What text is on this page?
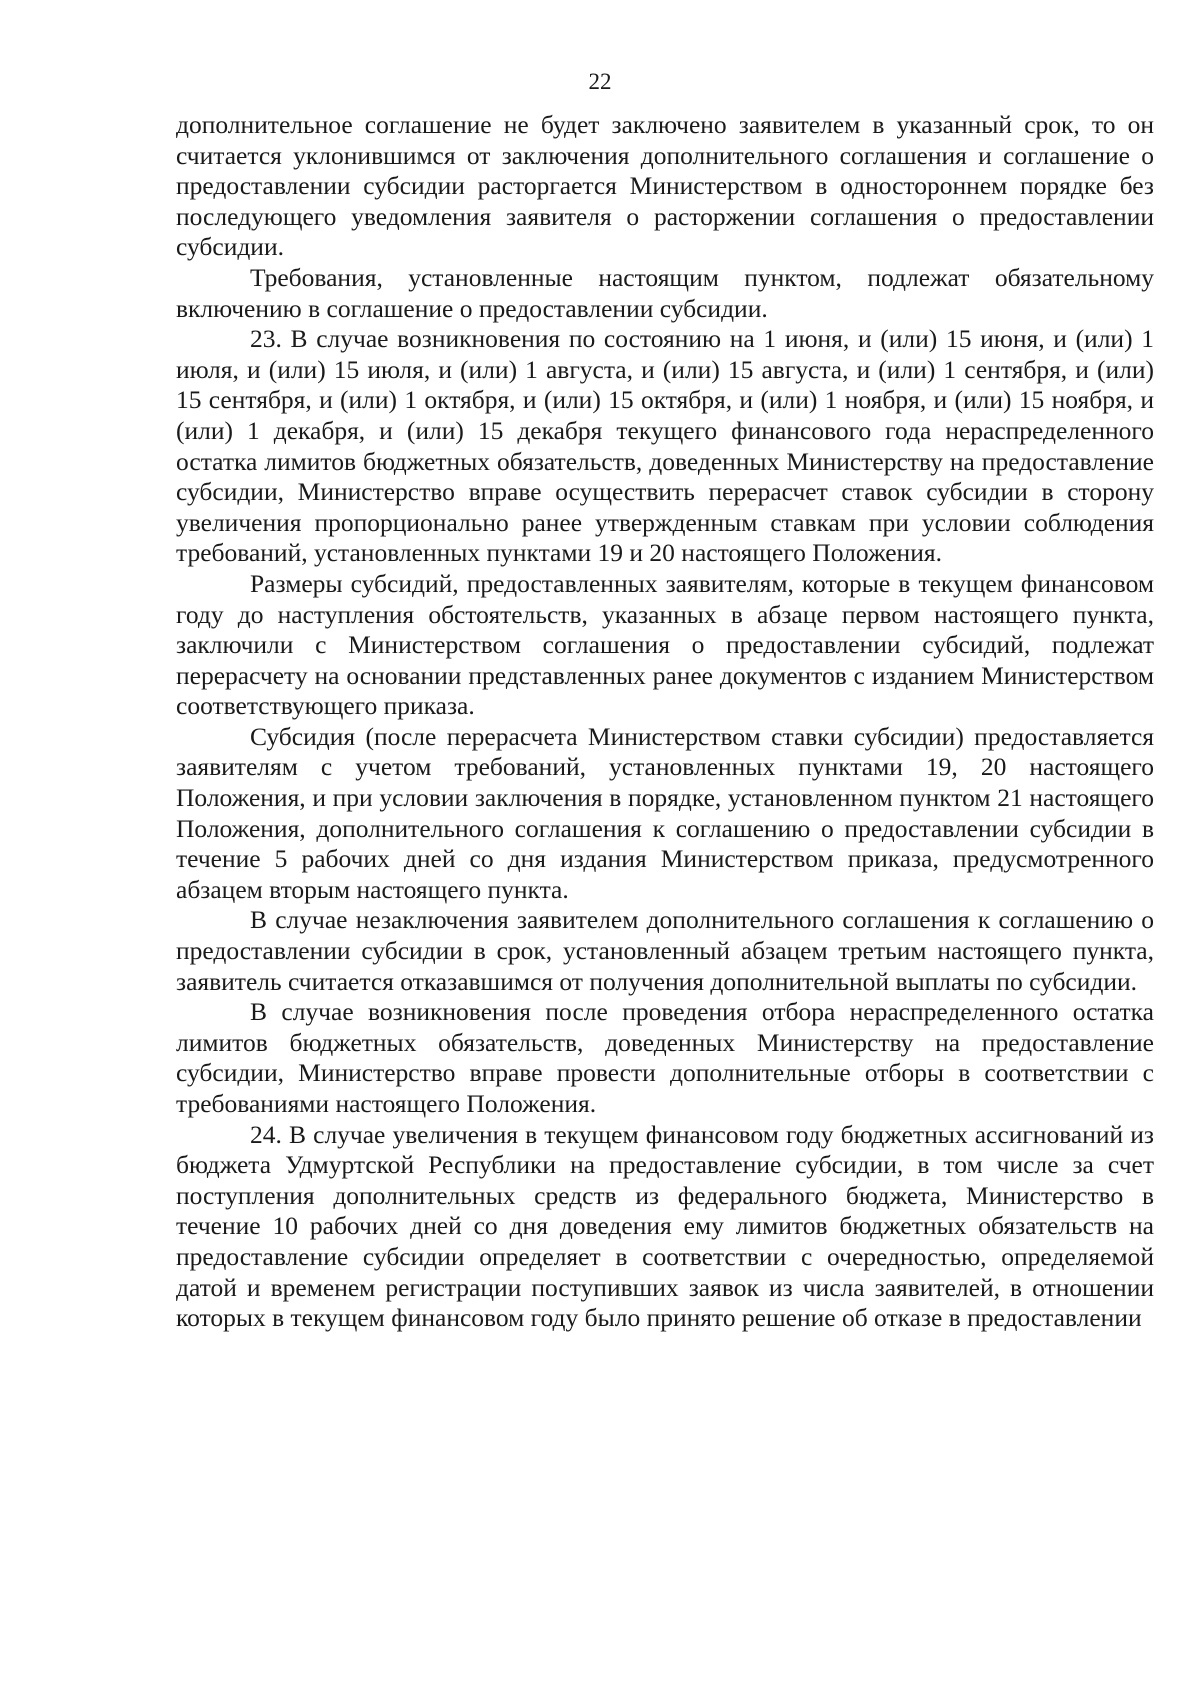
22

дополнительное соглашение не будет заключено заявителем в указанный срок, то он считается уклонившимся от заключения дополнительного соглашения и соглашение о предоставлении субсидии расторгается Министерством в одностороннем порядке без последующего уведомления заявителя о расторжении соглашения о предоставлении субсидии.

Требования, установленные настоящим пунктом, подлежат обязательному включению в соглашение о предоставлении субсидии.

23. В случае возникновения по состоянию на 1 июня, и (или) 15 июня, и (или) 1 июля, и (или) 15 июля, и (или) 1 августа, и (или) 15 августа, и (или) 1 сентября, и (или) 15 сентября, и (или) 1 октября, и (или) 15 октября, и (или) 1 ноября, и (или) 15 ноября, и (или) 1 декабря, и (или) 15 декабря текущего финансового года нераспределенного остатка лимитов бюджетных обязательств, доведенных Министерству на предоставление субсидии, Министерство вправе осуществить перерасчет ставок субсидии в сторону увеличения пропорционально ранее утвержденным ставкам при условии соблюдения требований, установленных пунктами 19 и 20 настоящего Положения.

Размеры субсидий, предоставленных заявителям, которые в текущем финансовом году до наступления обстоятельств, указанных в абзаце первом настоящего пункта, заключили с Министерством соглашения о предоставлении субсидий, подлежат перерасчету на основании представленных ранее документов с изданием Министерством соответствующего приказа.

Субсидия (после перерасчета Министерством ставки субсидии) предоставляется заявителям с учетом требований, установленных пунктами 19, 20 настоящего Положения, и при условии заключения в порядке, установленном пунктом 21 настоящего Положения, дополнительного соглашения к соглашению о предоставлении субсидии в течение 5 рабочих дней со дня издания Министерством приказа, предусмотренного абзацем вторым настоящего пункта.

В случае незаключения заявителем дополнительного соглашения к соглашению о предоставлении субсидии в срок, установленный абзацем третьим настоящего пункта, заявитель считается отказавшимся от получения дополнительной выплаты по субсидии.

В случае возникновения после проведения отбора нераспределенного остатка лимитов бюджетных обязательств, доведенных Министерству на предоставление субсидии, Министерство вправе провести дополнительные отборы в соответствии с требованиями настоящего Положения.

24. В случае увеличения в текущем финансовом году бюджетных ассигнований из бюджета Удмуртской Республики на предоставление субсидии, в том числе за счет поступления дополнительных средств из федерального бюджета, Министерство в течение 10 рабочих дней со дня доведения ему лимитов бюджетных обязательств на предоставление субсидии определяет в соответствии с очередностью, определяемой датой и временем регистрации поступивших заявок из числа заявителей, в отношении которых в текущем финансовом году было принято решение об отказе в предоставлении
